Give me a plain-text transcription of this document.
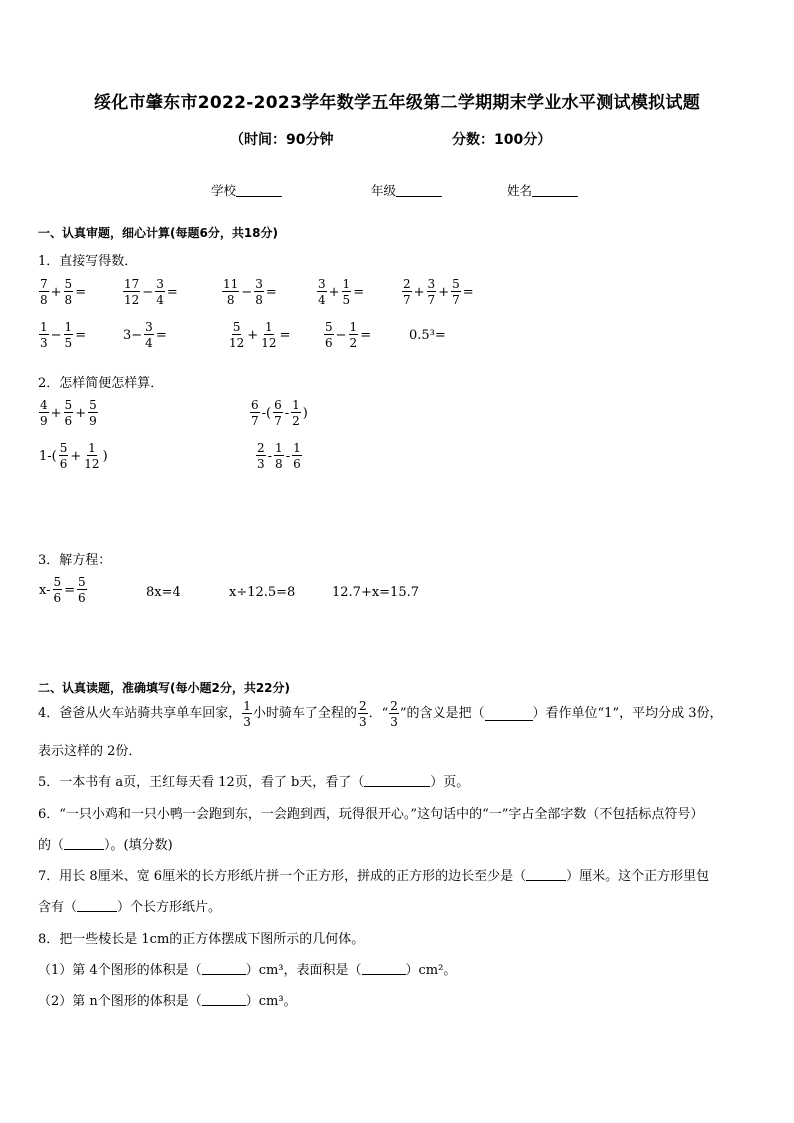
绥化市肇东市2022-2023学年数学五年级第二学期期末学业水平测试模拟试题
（时间：90分钟	分数：100分）
学校	年级	姓名
一、认真审题，细心计算(每题6分，共18分)
1．直接写得数．
$\frac{7}{8} + \frac{5}{8}$ =	$\frac{17}{12} - \frac{3}{4}$ =	$\frac{11}{8} - \frac{3}{8}$ =	$\frac{3}{4} + \frac{1}{5}$ =	$\frac{2}{7} + \frac{3}{7} + \frac{5}{7}$ =
$\frac{1}{3} - \frac{1}{5}$ =	$3- \frac{3}{4}$ =	$\frac{5}{12} + \frac{1}{12}$ =	$\frac{5}{6} - \frac{1}{2}$ =	0.5³=
2．怎样简便怎样算．
$\frac{4}{9} + \frac{5}{6} + \frac{5}{9}$	$\frac{6}{7}$ -( $\frac{6}{7} - \frac{1}{2}$ )
$1-( \frac{5}{6} + \frac{1}{12}$ )	$\frac{2}{3} - \frac{1}{8} - \frac{1}{6}$
3．解方程：
$x- \frac{5}{6} = \frac{5}{6}$	8x=4	x÷12.5=8	12.7+x=15.7
二、认真读题，准确填写(每小题2分，共22分)
4．爸爸从火车站骑共享单车回家， $\frac{1}{3}$ 小时骑车了全程的 $\frac{2}{3}$ ．“ $\frac{2}{3}$ ”的含义是把（	）看作单位“1”，平均分成 3份，
表示这样的 2份．
5．一本书有 a页，王红每天看 12页，看了 b天，看了（	）页。
6．“一只小鸡和一只小鸭一会跑到东，一会跑到西，玩得很开心。”这句话中的“一”字占全部字数（不包括标点符号）
的（	）。(填分数)
7．用长 8厘米、宽 6厘米的长方形纸片拼一个正方形，拼成的正方形的边长至少是（	）厘米。这个正方形里包
含有（	）个长方形纸片。
8．把一些棱长是 1cm的正方体摆成下图所示的几何体。
（1）第 4个图形的体积是（	）cm³，表面积是（	）cm²。
（2）第 n个图形的体积是（	）cm³。
